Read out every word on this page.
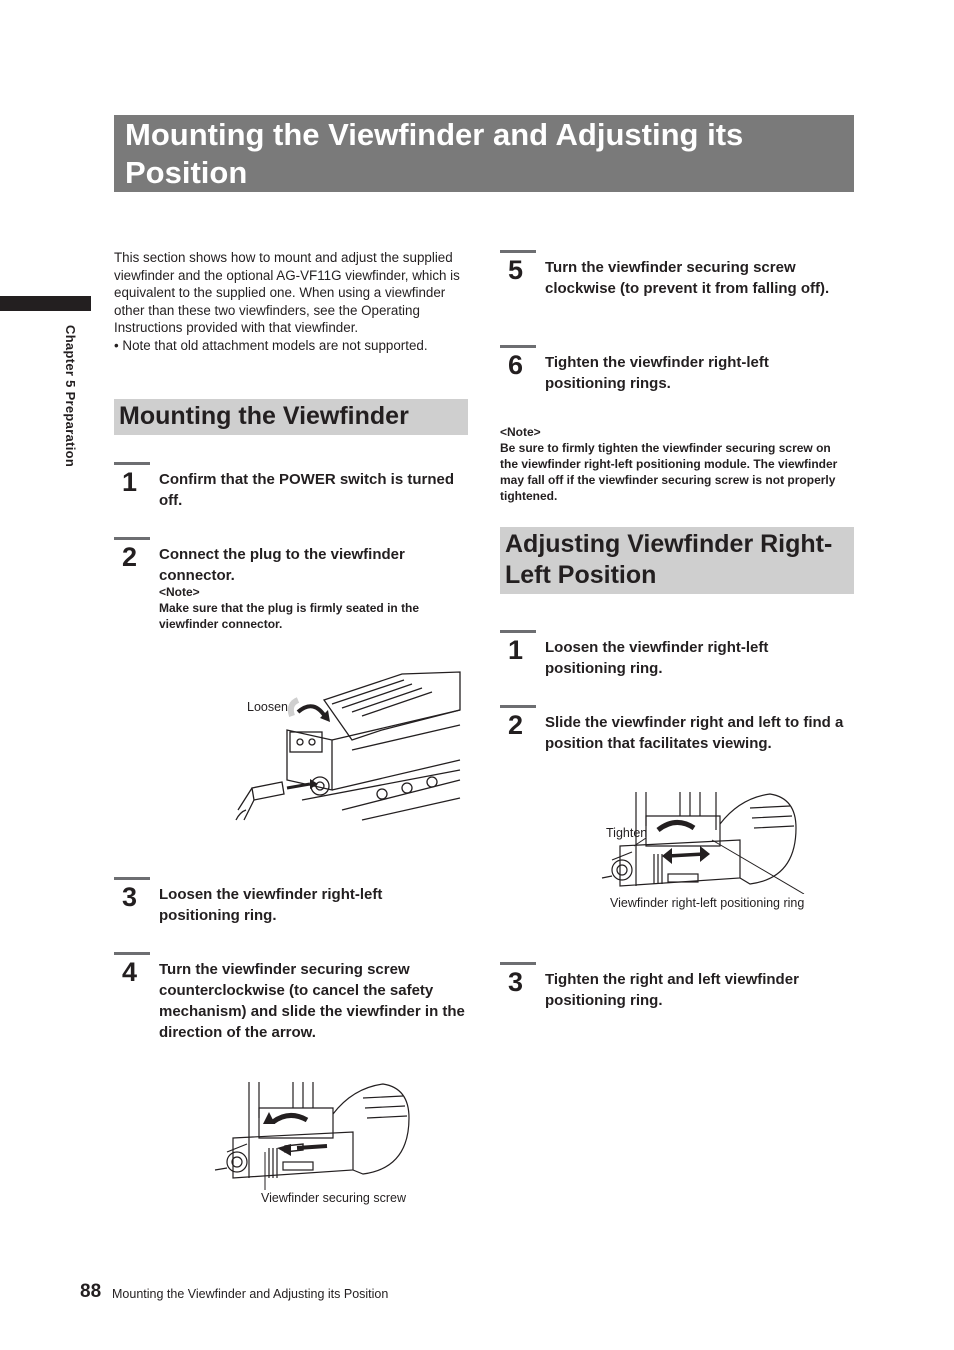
Mounting the Viewfinder and Adjusting its Position
Chapter 5 Preparation
This section shows how to mount and adjust the supplied viewfinder and the optional AG-VF11G viewfinder, which is equivalent to the supplied one. When using a viewfinder other than these two viewfinders, see the Operating Instructions provided with that viewfinder.
• Note that old attachment models are not supported.
Mounting the Viewfinder
1 Confirm that the POWER switch is turned off.
2 Connect the plug to the viewfinder connector.
<Note>
Make sure that the plug is firmly seated in the viewfinder connector.
Loosen
3 Loosen the viewfinder right-left positioning ring.
4 Turn the viewfinder securing screw counterclockwise (to cancel the safety mechanism) and slide the viewfinder in the direction of the arrow.
Viewfinder securing screw
5 Turn the viewfinder securing screw clockwise (to prevent it from falling off).
6 Tighten the viewfinder right-left positioning rings.
<Note>
Be sure to firmly tighten the viewfinder securing screw on the viewfinder right-left positioning module. The viewfinder may fall off if the viewfinder securing screw is not properly tightened.
Adjusting Viewfinder Right-Left Position
1 Loosen the viewfinder right-left positioning ring.
2 Slide the viewfinder right and left to find a position that facilitates viewing.
Tighten
Viewfinder right-left positioning ring
3 Tighten the right and left viewfinder positioning ring.
88 Mounting the Viewfinder and Adjusting its Position
